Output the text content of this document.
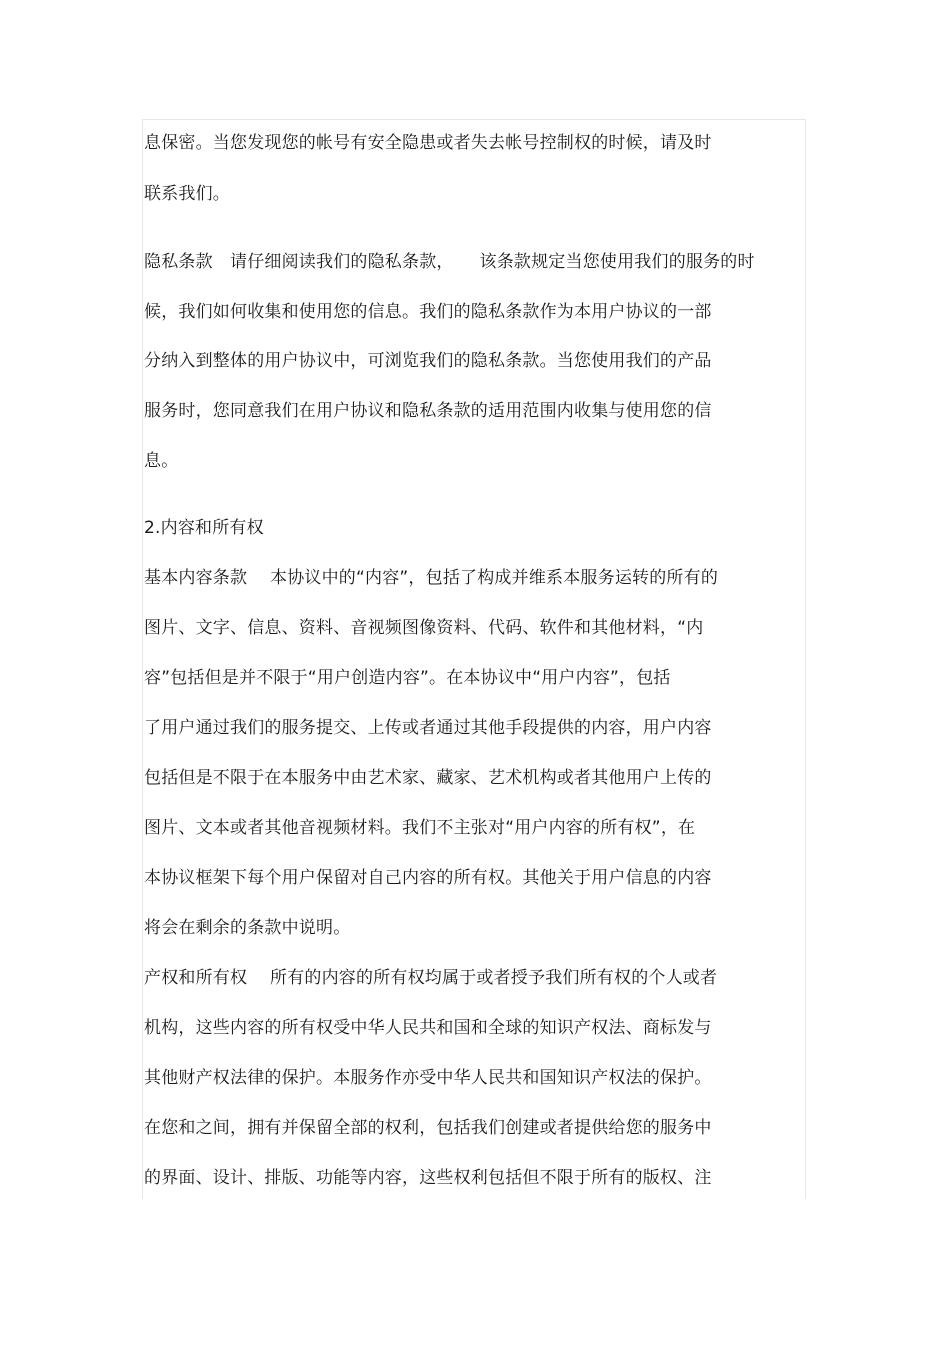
息保密。当您发现您的帐号有安全隐患或者失去帐号控制权的时候，请及时
联系我们。
隐私条款　请仔细阅读我们的隐私条款，　　该条款规定当您使用我们的服务的时
候，我们如何收集和使用您的信息。我们的隐私条款作为本用户协议的一部
分纳入到整体的用户协议中，可浏览我们的隐私条款。当您使用我们的产品
服务时，您同意我们在用户协议和隐私条款的适用范围内收集与使用您的信
息。
2.内容和所有权
基本内容条款　 本协议中的“内容”，包括了构成并维系本服务运转的所有的
图片、文字、信息、资料、音视频图像资料、代码、软件和其他材料，“内
容”包括但是并不限于“用户创造内容”。在本协议中“用户内容”，包括
了用户通过我们的服务提交、上传或者通过其他手段提供的内容，用户内容
包括但是不限于在本服务中由艺术家、藏家、艺术机构或者其他用户上传的
图片、文本或者其他音视频材料。我们不主张对“用户内容的所有权”，在
本协议框架下每个用户保留对自己内容的所有权。其他关于用户信息的内容
将会在剩余的条款中说明。
产权和所有权　 所有的内容的所有权均属于或者授予我们所有权的个人或者
机构，这些内容的所有权受中华人民共和国和全球的知识产权法、商标发与
其他财产权法律的保护。本服务作亦受中华人民共和国知识产权法的保护。
在您和之间，拥有并保留全部的权利，包括我们创建或者提供给您的服务中
的界面、设计、排版、功能等内容，这些权利包括但不限于所有的版权、注
